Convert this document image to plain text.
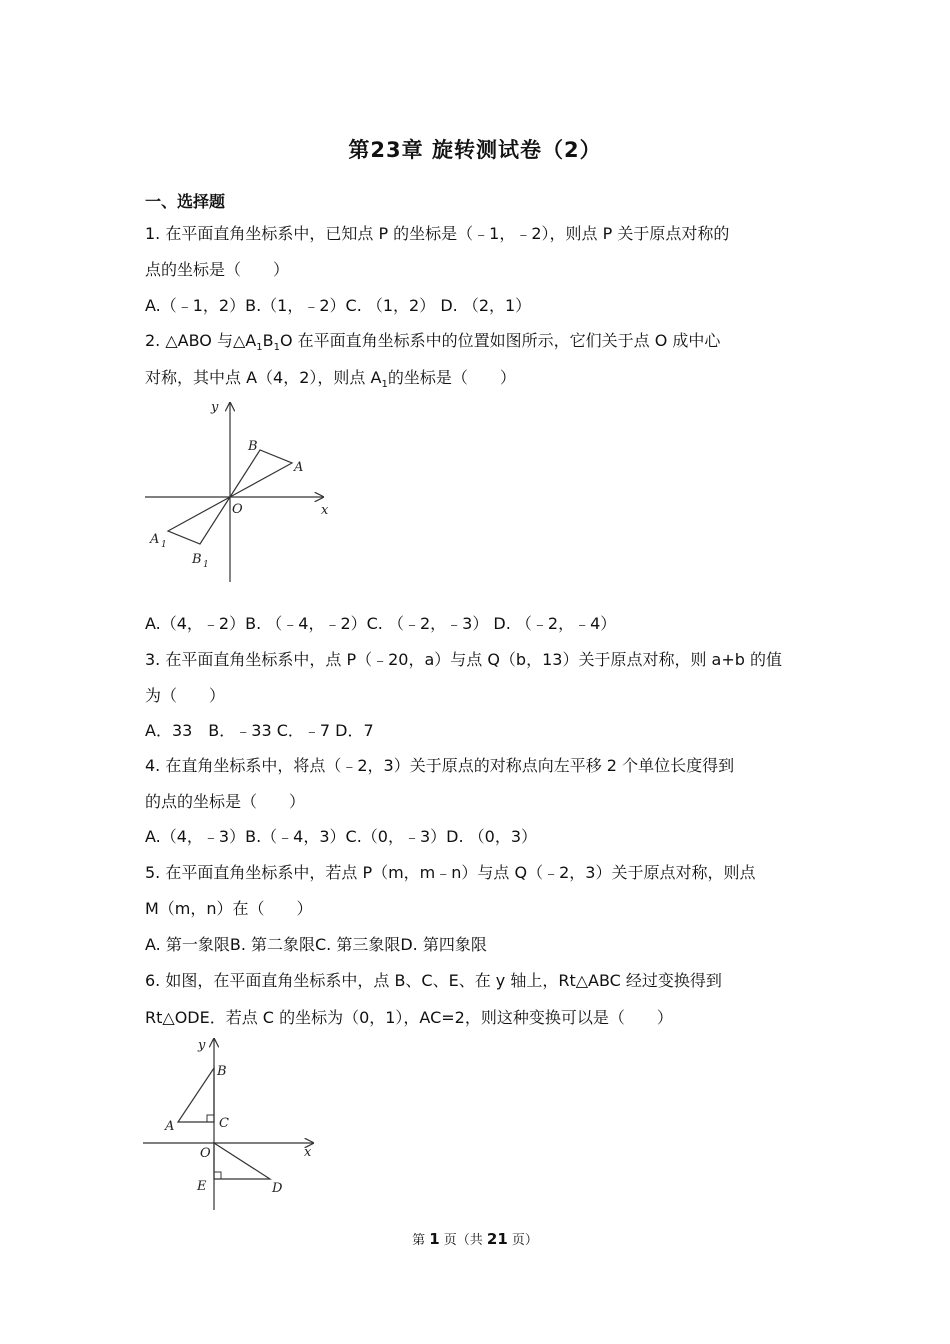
第23章 旋转测试卷（2）
一、选择题
1. 在平面直角坐标系中，已知点 P 的坐标是（﹣1，﹣2），则点 P 关于原点对称的
点的坐标是（　　）
A.（﹣1，2）B.（1，﹣2）C. （1，2） D. （2，1）
2. △ABO 与$\triangle A_1B_1O$ 在平面直角坐标系中的位置如图所示，它们关于点 O 成中心
对称，其中点 A（4，2），则点 $A_1$的坐标是（　　）
y
x
O
A
B
A 1
B 1
A.（4，﹣2）B. （﹣4，﹣2）C. （﹣2，﹣3） D. （﹣2，﹣4）
3. 在平面直角坐标系中，点 P（﹣20，a）与点 Q（b，13）关于原点对称，则 a+b 的值
为（　　）
A．33　B．﹣33 C．﹣7 D．7
4. 在直角坐标系中，将点（﹣2，3）关于原点的对称点向左平移 2 个单位长度得到
的点的坐标是（　　）
A.（4，﹣3）B.（﹣4，3）C.（0，﹣3）D. （0，3）
5. 在平面直角坐标系中，若点 P（m，m﹣n）与点 Q（﹣2，3）关于原点对称，则点
M（m，n）在（　　）
A. 第一象限B. 第二象限C. 第三象限D. 第四象限
6. 如图，在平面直角坐标系中，点 B、C、E、在 y 轴上，Rt△ABC 经过变换得到
Rt△ODE．若点 C 的坐标为（0，1），AC=2，则这种变换可以是（　　）
y
x
O
B
C
A
E	D
第 1 页（共 21 页）
